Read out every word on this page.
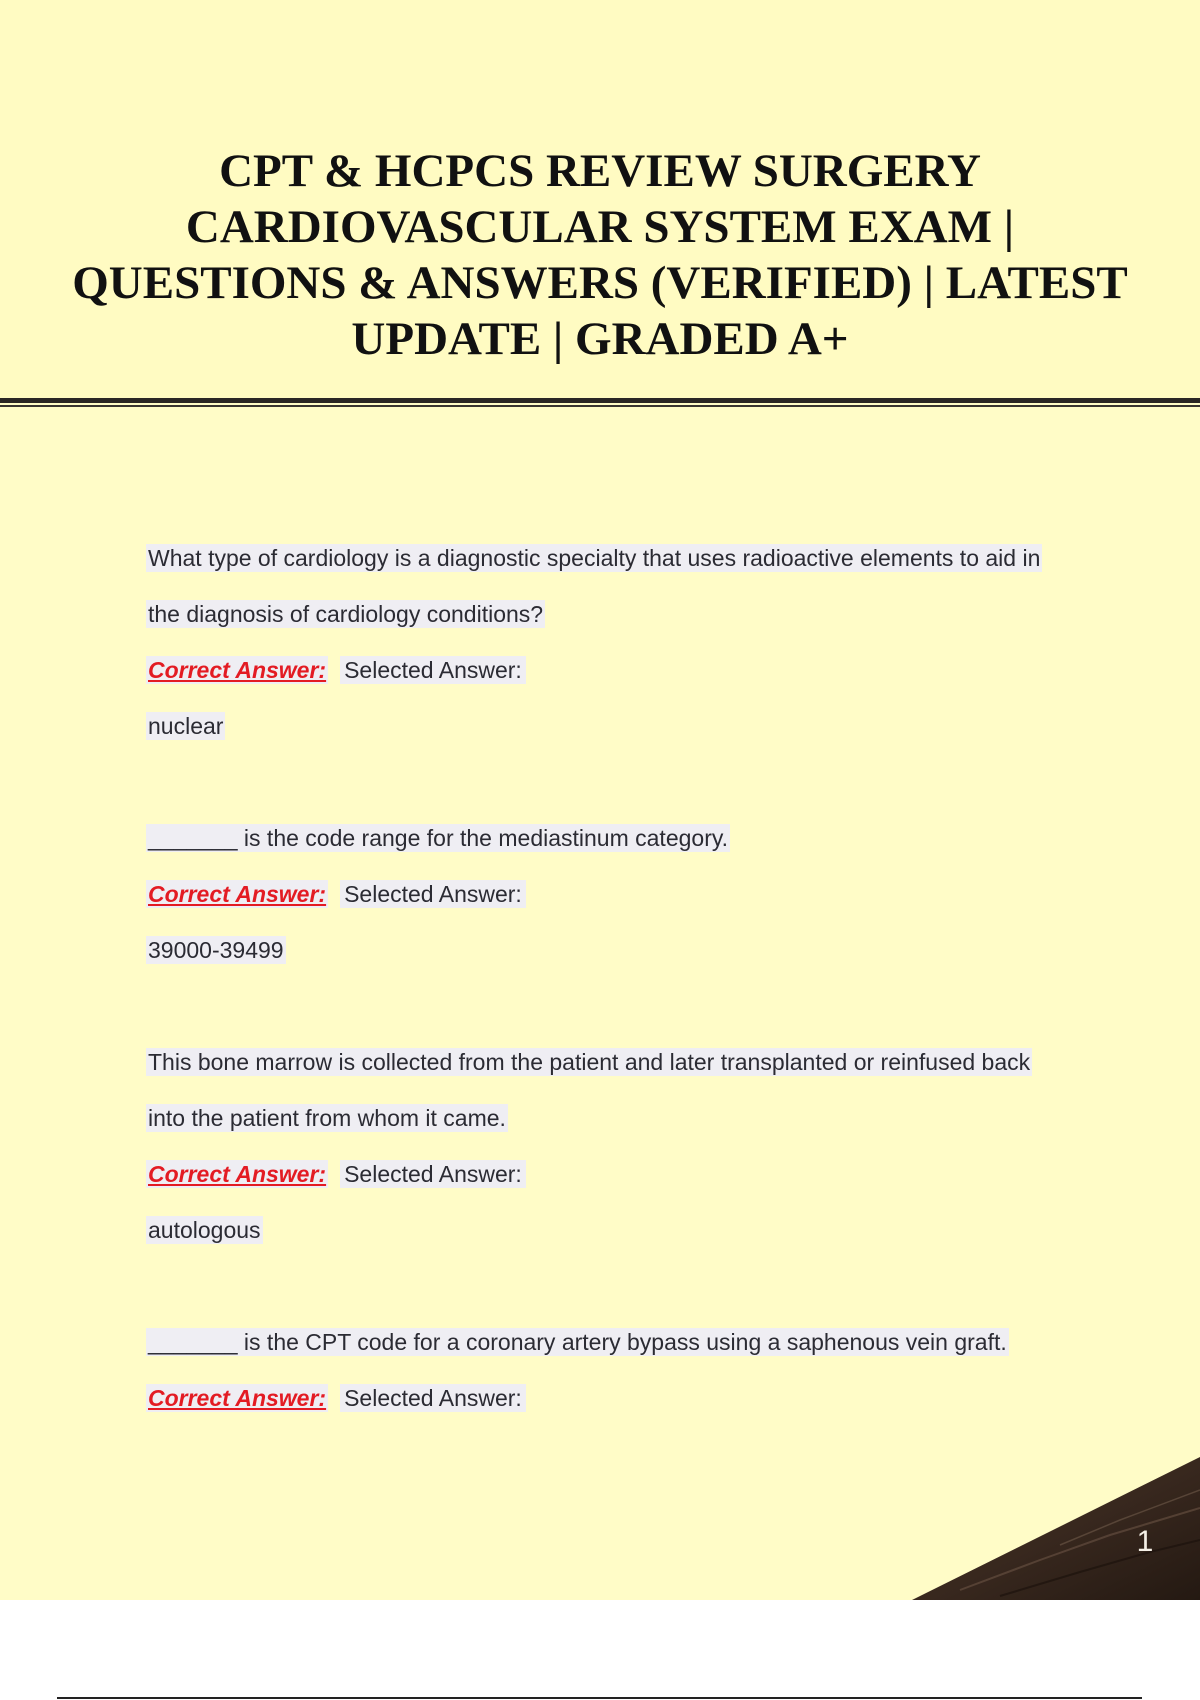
CPT & HCPCS REVIEW SURGERY CARDIOVASCULAR SYSTEM EXAM | QUESTIONS & ANSWERS (VERIFIED) | LATEST UPDATE | GRADED A+
What type of cardiology is a diagnostic specialty that uses radioactive elements to aid in
the diagnosis of cardiology conditions?
Correct Answer: Selected Answer:
nuclear
_______ is the code range for the mediastinum category.
Correct Answer: Selected Answer:
39000-39499
This bone marrow is collected from the patient and later transplanted or reinfused back
into the patient from whom it came.
Correct Answer: Selected Answer:
autologous
_______ is the CPT code for a coronary artery bypass using a saphenous vein graft.
Correct Answer: Selected Answer:
1
